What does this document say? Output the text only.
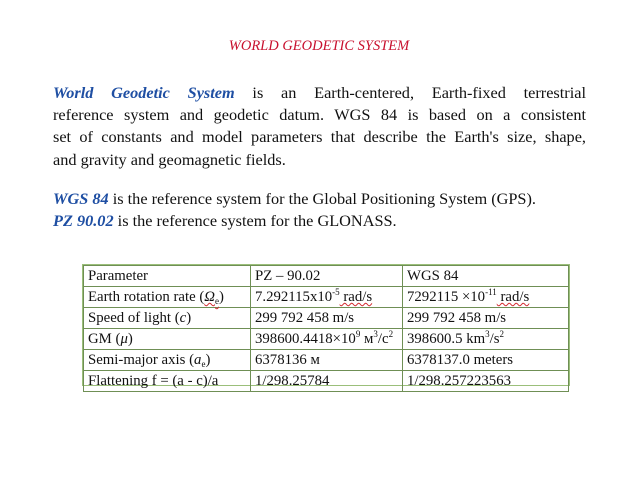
WORLD GEODETIC SYSTEM
World Geodetic System is an Earth-centered, Earth-fixed terrestrial
reference system and geodetic datum. WGS 84 is based on a consistent
set of constants and model parameters that describe the Earth's size, shape,
and gravity and geomagnetic fields.
WGS 84 is the reference system for the Global Positioning System (GPS).
PZ 90.02 is the reference system for the GLONASS.
Parameter	PZ – 90.02	WGS 84
Earth rotation rate $(\Omega_e)$	$7.292115x10^{-5}$ rad/s	$7292115 \times 10^{-11}$ rad/s
Speed of light (c)	299 792 458 m/s	299 792 458 m/s
GM (μ)	$398600.4418\times 10^9$ $м^3/c^2$	398600.5 $km^3/s^2$
Semi-major axis $(a_e)$	6378136 м	6378137.0 meters
Flattening f = (a - c)/a	1/298.25784	1/298.257223563
